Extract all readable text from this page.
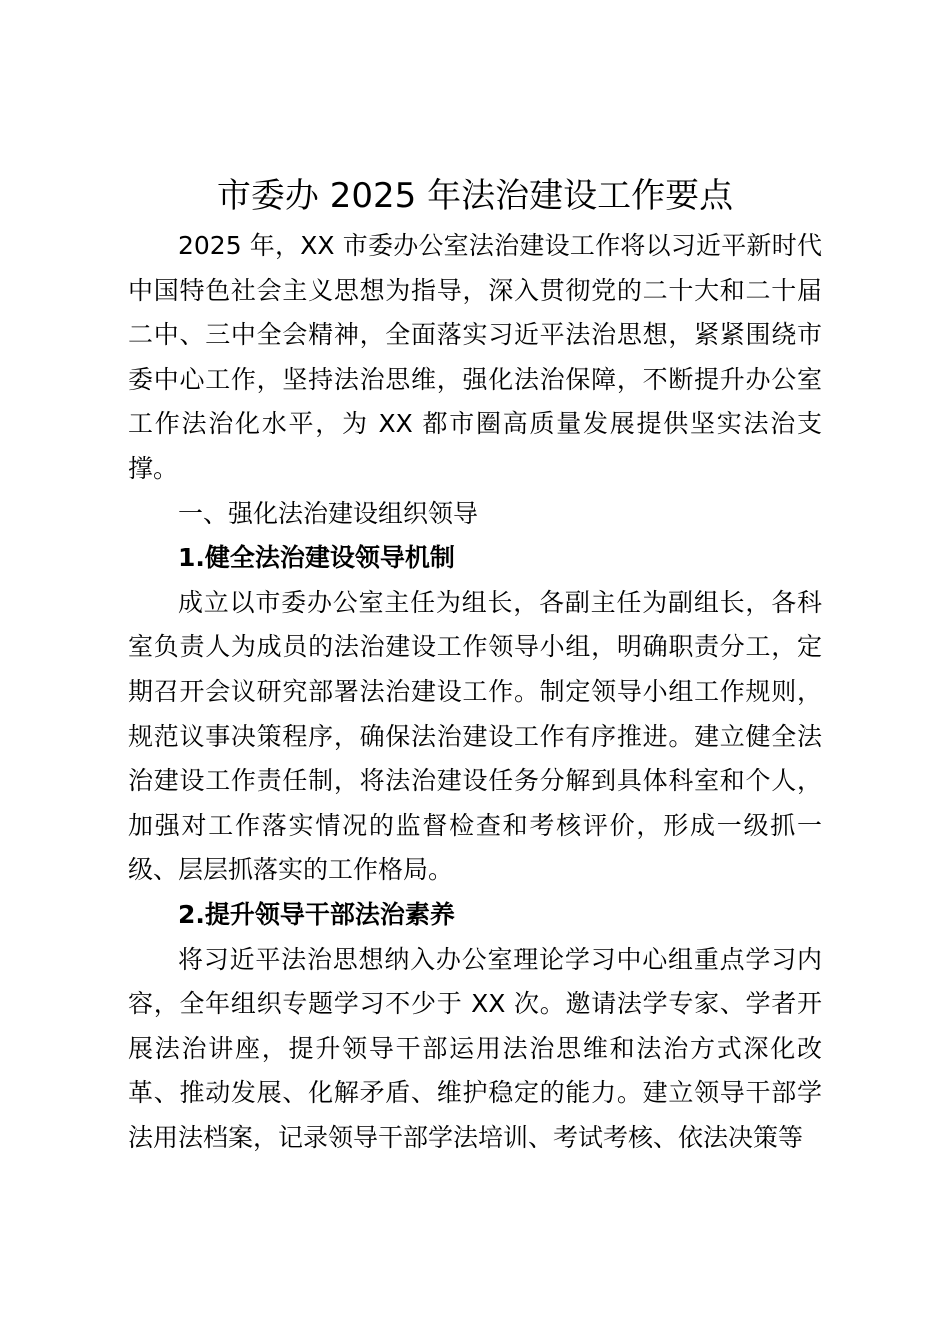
市委办 2025 年法治建设工作要点

2025 年，XX 市委办公室法治建设工作将以习近平新时代中国特色社会主义思想为指导，深入贯彻党的二十大和二十届二中、三中全会精神，全面落实习近平法治思想，紧紧围绕市委中心工作，坚持法治思维，强化法治保障，不断提升办公室工作法治化水平，为 XX 都市圈高质量发展提供坚实法治支撑。

一、强化法治建设组织领导

1.健全法治建设领导机制

成立以市委办公室主任为组长，各副主任为副组长，各科室负责人为成员的法治建设工作领导小组，明确职责分工，定期召开会议研究部署法治建设工作。制定领导小组工作规则，规范议事决策程序，确保法治建设工作有序推进。建立健全法治建设工作责任制，将法治建设任务分解到具体科室和个人，加强对工作落实情况的监督检查和考核评价，形成一级抓一级、层层抓落实的工作格局。

2.提升领导干部法治素养

将习近平法治思想纳入办公室理论学习中心组重点学习内容，全年组织专题学习不少于 XX 次。邀请法学专家、学者开展法治讲座，提升领导干部运用法治思维和法治方式深化改革、推动发展、化解矛盾、维护稳定的能力。建立领导干部学法用法档案，记录领导干部学法培训、考试考核、依法决策等
